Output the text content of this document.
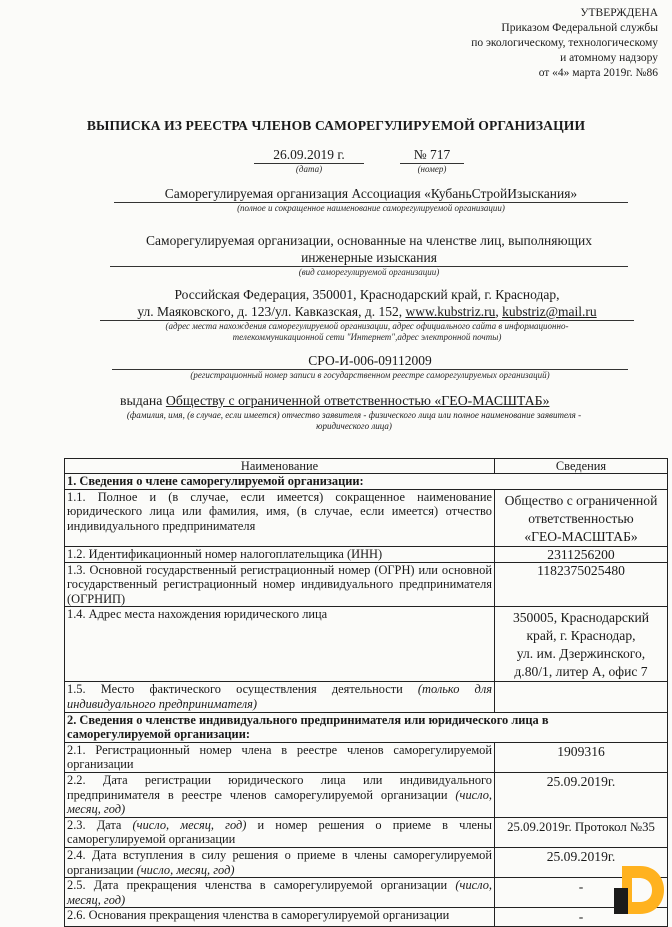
УТВЕРЖДЕНА
Приказом Федеральной службы
по экологическому, технологическому
и атомному надзору
от «4» марта 2019г. №86
ВЫПИСКА ИЗ РЕЕСТРА ЧЛЕНОВ САМОРЕГУЛИРУЕМОЙ ОРГАНИЗАЦИИ
26.09.2019 г.
(дата)
№ 717
(номер)
Саморегулируемая организация Ассоциация «КубаньСтройИзыскания»
(полное и сокращенное наименование саморегулируемой организации)
Саморегулируемая организации, основанные на членстве лиц, выполняющих
инженерные изыскания
(вид саморегулируемой организации)
Российская Федерация, 350001, Краснодарский край, г. Краснодар,
ул. Маяковского, д. 123/ул. Кавказская, д. 152, www.kubstriz.ru, kubstriz@mail.ru
(адрес места нахождения саморегулируемой организации, адрес официального сайта в информационно-
телекоммуникационной сети "Интернет",адрес электронной почты)
СРО-И-006-09112009
(регистрационный номер записи в государственном реестре саморегулируемых организаций)
выдана Обществу с ограниченной ответственностью «ГЕО-МАСШТАБ»
(фамилия, имя, (в случае, если имеется) отчество заявителя - физического лица или полное наименование заявителя -
юридического лица)
Наименование	Сведения
1. Сведения о члене саморегулируемой организации:	
1.1. Полное и (в случае, если имеется) сокращенное наименование юридического лица или фамилия, имя, (в случае, если имеется) отчество индивидуального предпринимателя	Общество с ограниченной
ответственностью
«ГЕО-МАСШТАБ»

1.2. Идентификационный номер налогоплательщика (ИНН)	2311256200
1.3. Основной государственный регистрационный номер (ОГРН) или основной государственный регистрационный номер индивидуального предпринимателя (ОГРНИП)	1182375025480
1.4. Адрес места нахождения юридического лица	350005, Краснодарский
край, г. Краснодар,
ул. им. Дзержинского,
д.80/1, литер А, офис 7

1.5. Место фактического осуществления деятельности (только для индивидуального предпринимателя)	
2. Сведения о членстве индивидуального предпринимателя или юридического лица в саморегулируемой организации:	
2.1. Регистрационный номер члена в реестре членов саморегулируемой организации	1909316
2.2. Дата регистрации юридического лица или индивидуального предпринимателя в реестре членов саморегулируемой организации (число, месяц, год)	25.09.2019г.
2.3. Дата (число, месяц, год) и номер решения о приеме в члены саморегулируемой организации	25.09.2019г. Протокол №35
2.4. Дата вступления в силу решения о приеме в члены саморегулируемой организации (число, месяц, год)	25.09.2019г.
2.5. Дата прекращения членства в саморегулируемой организации (число, месяц, год)	-
2.6. Основания прекращения членства в саморегулируемой организации	-
